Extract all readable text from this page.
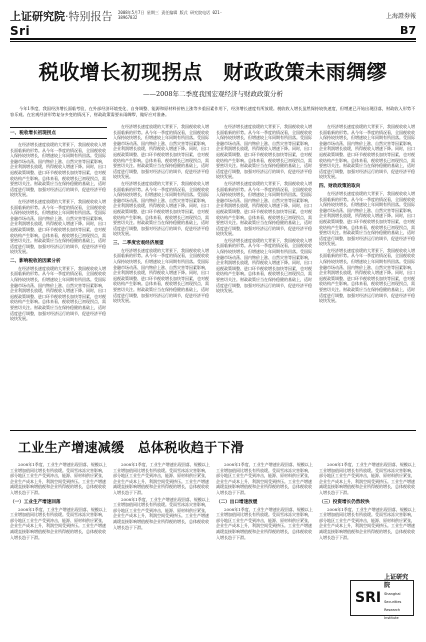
上证研究院·特别报告 2008年5月7日 星期三 责任编辑 版式 研究院电话 021-38967832	上海證券報
Sri	B7
税收增长初现拐点　财政政策未雨绸缪
——2008年二季度我国宏观经济与财政政策分析
今年1季度，我国经济增长面临考验，在外部经济环境变化、自身调整、能源和原材料价格上涨等多重因素作用下，经济增长速度有所放缓。税收收入增长虽然保持较快速度，但增速已开始出现回落，财政收入形势不容乐观。在宏观经济形势复杂多变的情况下，财政政策需要未雨绸缪，做好应对准备。
一、税收增长初现拐点

在经济增长速度放缓的大背景下，我国税收收入增长面临新的形势。从今年一季度的情况看，全国税收收入保持较快增长，但增速较上年同期有所回落。受国际金融市场动荡、国内物价上涨、自然灾害等因素影响，企业利润增长放缓，所得税收入增速下降。同时，出口退税政策调整、进口环节税收增长加快等因素，也对税收结构产生影响。总体来看，税收增长已初现拐点，需要密切关注。财政政策应当在保持稳健的基础上，适时适度进行调整，加强对经济运行的调节，促进经济平稳较快发展。

在经济增长速度放缓的大背景下，我国税收收入增长面临新的形势。从今年一季度的情况看，全国税收收入保持较快增长，但增速较上年同期有所回落。受国际金融市场动荡、国内物价上涨、自然灾害等因素影响，企业利润增长放缓，所得税收入增速下降。同时，出口退税政策调整、进口环节税收增长加快等因素，也对税收结构产生影响。总体来看，税收增长已初现拐点，需要密切关注。财政政策应当在保持稳健的基础上，适时适度进行调整，加强对经济运行的调节，促进经济平稳较快发展。

二、影响税收的因素分析

在经济增长速度放缓的大背景下，我国税收收入增长面临新的形势。从今年一季度的情况看，全国税收收入保持较快增长，但增速较上年同期有所回落。受国际金融市场动荡、国内物价上涨、自然灾害等因素影响，企业利润增长放缓，所得税收入增速下降。同时，出口退税政策调整、进口环节税收增长加快等因素，也对税收结构产生影响。总体来看，税收增长已初现拐点，需要密切关注。财政政策应当在保持稳健的基础上，适时适度进行调整，加强对经济运行的调节，促进经济平稳较快发展。

在经济增长速度放缓的大背景下，我国税收收入增长面临新的形势。从今年一季度的情况看，全国税收收入保持较快增长，但增速较上年同期有所回落。受国际金融市场动荡、国内物价上涨、自然灾害等因素影响，企业利润增长放缓，所得税收入增速下降。同时，出口退税政策调整、进口环节税收增长加快等因素，也对税收结构产生影响。总体来看，税收增长已初现拐点，需要密切关注。财政政策应当在保持稳健的基础上，适时适度进行调整，加强对经济运行的调节，促进经济平稳较快发展。

在经济增长速度放缓的大背景下，我国税收收入增长面临新的形势。从今年一季度的情况看，全国税收收入保持较快增长，但增速较上年同期有所回落。受国际金融市场动荡、国内物价上涨、自然灾害等因素影响，企业利润增长放缓，所得税收入增速下降。同时，出口退税政策调整、进口环节税收增长加快等因素，也对税收结构产生影响。总体来看，税收增长已初现拐点，需要密切关注。财政政策应当在保持稳健的基础上，适时适度进行调整，加强对经济运行的调节，促进经济平稳较快发展。

三、二季度宏观经济展望

在经济增长速度放缓的大背景下，我国税收收入增长面临新的形势。从今年一季度的情况看，全国税收收入保持较快增长，但增速较上年同期有所回落。受国际金融市场动荡、国内物价上涨、自然灾害等因素影响，企业利润增长放缓，所得税收入增速下降。同时，出口退税政策调整、进口环节税收增长加快等因素，也对税收结构产生影响。总体来看，税收增长已初现拐点，需要密切关注。财政政策应当在保持稳健的基础上，适时适度进行调整，加强对经济运行的调节，促进经济平稳较快发展。

在经济增长速度放缓的大背景下，我国税收收入增长面临新的形势。从今年一季度的情况看，全国税收收入保持较快增长，但增速较上年同期有所回落。受国际金融市场动荡、国内物价上涨、自然灾害等因素影响，企业利润增长放缓，所得税收入增速下降。同时，出口退税政策调整、进口环节税收增长加快等因素，也对税收结构产生影响。总体来看，税收增长已初现拐点，需要密切关注。财政政策应当在保持稳健的基础上，适时适度进行调整，加强对经济运行的调节，促进经济平稳较快发展。

在经济增长速度放缓的大背景下，我国税收收入增长面临新的形势。从今年一季度的情况看，全国税收收入保持较快增长，但增速较上年同期有所回落。受国际金融市场动荡、国内物价上涨、自然灾害等因素影响，企业利润增长放缓，所得税收入增速下降。同时，出口退税政策调整、进口环节税收增长加快等因素，也对税收结构产生影响。总体来看，税收增长已初现拐点，需要密切关注。财政政策应当在保持稳健的基础上，适时适度进行调整，加强对经济运行的调节，促进经济平稳较快发展。

在经济增长速度放缓的大背景下，我国税收收入增长面临新的形势。从今年一季度的情况看，全国税收收入保持较快增长，但增速较上年同期有所回落。受国际金融市场动荡、国内物价上涨、自然灾害等因素影响，企业利润增长放缓，所得税收入增速下降。同时，出口退税政策调整、进口环节税收增长加快等因素，也对税收结构产生影响。总体来看，税收增长已初现拐点，需要密切关注。财政政策应当在保持稳健的基础上，适时适度进行调整，加强对经济运行的调节，促进经济平稳较快发展。

在经济增长速度放缓的大背景下，我国税收收入增长面临新的形势。从今年一季度的情况看，全国税收收入保持较快增长，但增速较上年同期有所回落。受国际金融市场动荡、国内物价上涨、自然灾害等因素影响，企业利润增长放缓，所得税收入增速下降。同时，出口退税政策调整、进口环节税收增长加快等因素，也对税收结构产生影响。总体来看，税收增长已初现拐点，需要密切关注。财政政策应当在保持稳健的基础上，适时适度进行调整，加强对经济运行的调节，促进经济平稳较快发展。

四、财政政策的取向

在经济增长速度放缓的大背景下，我国税收收入增长面临新的形势。从今年一季度的情况看，全国税收收入保持较快增长，但增速较上年同期有所回落。受国际金融市场动荡、国内物价上涨、自然灾害等因素影响，企业利润增长放缓，所得税收入增速下降。同时，出口退税政策调整、进口环节税收增长加快等因素，也对税收结构产生影响。总体来看，税收增长已初现拐点，需要密切关注。财政政策应当在保持稳健的基础上，适时适度进行调整，加强对经济运行的调节，促进经济平稳较快发展。

在经济增长速度放缓的大背景下，我国税收收入增长面临新的形势。从今年一季度的情况看，全国税收收入保持较快增长，但增速较上年同期有所回落。受国际金融市场动荡、国内物价上涨、自然灾害等因素影响，企业利润增长放缓，所得税收入增速下降。同时，出口退税政策调整、进口环节税收增长加快等因素，也对税收结构产生影响。总体来看，税收增长已初现拐点，需要密切关注。财政政策应当在保持稳健的基础上，适时适度进行调整，加强对经济运行的调节，促进经济平稳较快发展。

工业生产增速减缓　总体税收趋于下滑

2008年1季度，工业生产增速出现回落，规模以上工业增加值同比增长有所放缓。受雨雪冰冻灾害影响，部分地区工业生产受到冲击，能源、原材料供应紧张，企业生产成本上升，利润空间受到挤压。工业生产增速减缓直接影响增值税和企业所得税的增长，总体税收收入增长趋于下滑。

（一）工业生产增速回落

2008年1季度，工业生产增速出现回落，规模以上工业增加值同比增长有所放缓。受雨雪冰冻灾害影响，部分地区工业生产受到冲击，能源、原材料供应紧张，企业生产成本上升，利润空间受到挤压。工业生产增速减缓直接影响增值税和企业所得税的增长，总体税收收入增长趋于下滑。

2008年1季度，工业生产增速出现回落，规模以上工业增加值同比增长有所放缓。受雨雪冰冻灾害影响，部分地区工业生产受到冲击，能源、原材料供应紧张，企业生产成本上升，利润空间受到挤压。工业生产增速减缓直接影响增值税和企业所得税的增长，总体税收收入增长趋于下滑。

2008年1季度，工业生产增速出现回落，规模以上工业增加值同比增长有所放缓。受雨雪冰冻灾害影响，部分地区工业生产受到冲击，能源、原材料供应紧张，企业生产成本上升，利润空间受到挤压。工业生产增速减缓直接影响增值税和企业所得税的增长，总体税收收入增长趋于下滑。

2008年1季度，工业生产增速出现回落，规模以上工业增加值同比增长有所放缓。受雨雪冰冻灾害影响，部分地区工业生产受到冲击，能源、原材料供应紧张，企业生产成本上升，利润空间受到挤压。工业生产增速减缓直接影响增值税和企业所得税的增长，总体税收收入增长趋于下滑。

（二）出口增速放缓

2008年1季度，工业生产增速出现回落，规模以上工业增加值同比增长有所放缓。受雨雪冰冻灾害影响，部分地区工业生产受到冲击，能源、原材料供应紧张，企业生产成本上升，利润空间受到挤压。工业生产增速减缓直接影响增值税和企业所得税的增长，总体税收收入增长趋于下滑。

2008年1季度，工业生产增速出现回落，规模以上工业增加值同比增长有所放缓。受雨雪冰冻灾害影响，部分地区工业生产受到冲击，能源、原材料供应紧张，企业生产成本上升，利润空间受到挤压。工业生产增速减缓直接影响增值税和企业所得税的增长，总体税收收入增长趋于下滑。

（三）投资增长仍然较快

2008年1季度，工业生产增速出现回落，规模以上工业增加值同比增长有所放缓。受雨雪冰冻灾害影响，部分地区工业生产受到冲击，能源、原材料供应紧张，企业生产成本上升，利润空间受到挤压。工业生产增速减缓直接影响增值税和企业所得税的增长，总体税收收入增长趋于下滑。

SRI
上证研究院
Shanghai Securities Research Institute
